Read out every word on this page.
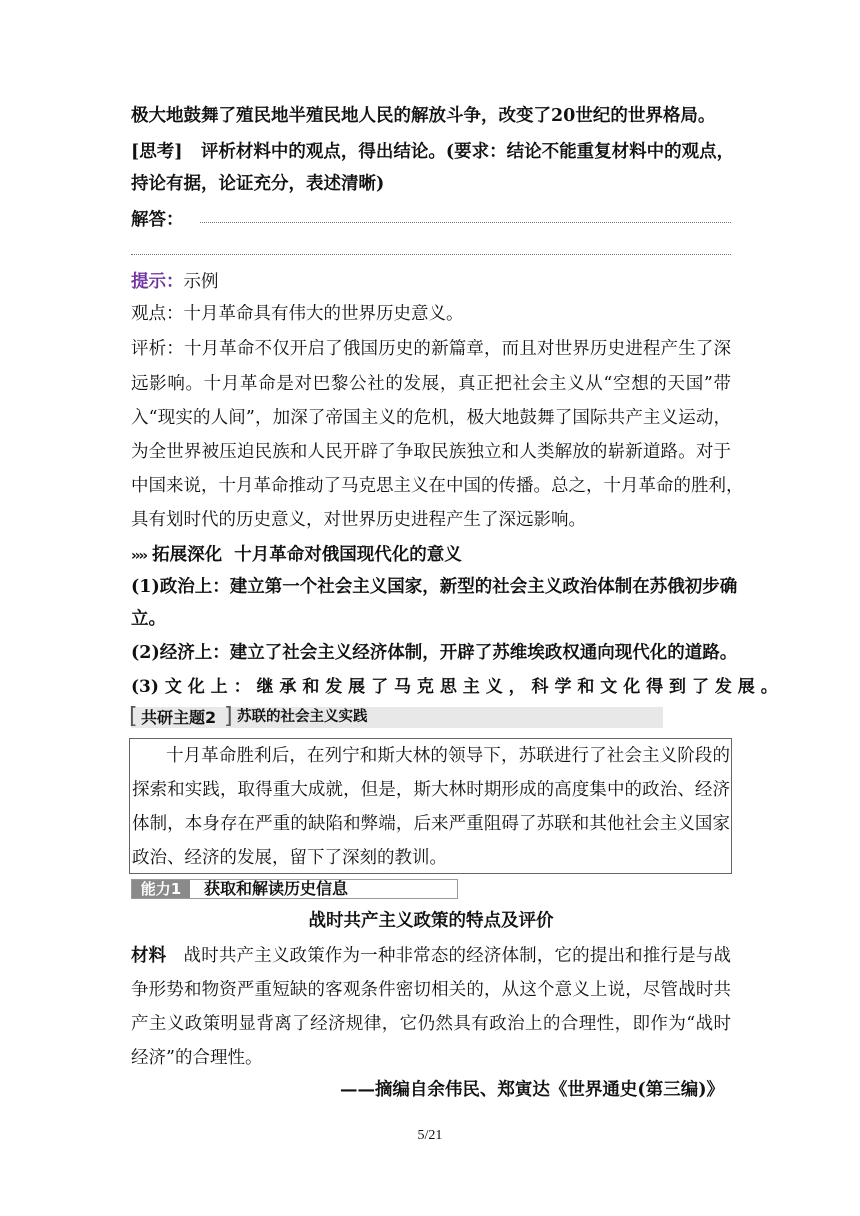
极大地鼓舞了殖民地半殖民地人民的解放斗争，改变了20世纪的世界格局。
[思考] 评析材料中的观点，得出结论。(要求：结论不能重复材料中的观点，
持论有据，论证充分，表述清晰)
解答：
提示：示例
观点：十月革命具有伟大的世界历史意义。
评析：十月革命不仅开启了俄国历史的新篇章，而且对世界历史进程产生了深
远影响。十月革命是对巴黎公社的发展，真正把社会主义从“空想的天国”带
入“现实的人间”，加深了帝国主义的危机，极大地鼓舞了国际共产主义运动，
为全世界被压迫民族和人民开辟了争取民族独立和人类解放的崭新道路。对于
中国来说，十月革命推动了马克思主义在中国的传播。总之，十月革命的胜利，
具有划时代的历史意义，对世界历史进程产生了深远影响。
›››› 拓展深化 十月革命对俄国现代化的意义
(1)政治上：建立第一个社会主义国家，新型的社会主义政治体制在苏俄初步确
立。
(2)经济上：建立了社会主义经济体制，开辟了苏维埃政权通向现代化的道路。
(3) 文 化 上 ： 继 承 和 发 展 了 马 克 思 主 义 ， 科 学 和 文 化 得 到 了 发 展 。
[ 共研主题2 ] 苏联的社会主义实践
十月革命胜利后，在列宁和斯大林的领导下，苏联进行了社会主义阶段的
探索和实践，取得重大成就，但是，斯大林时期形成的高度集中的政治、经济
体制，本身存在严重的缺陷和弊端，后来严重阻碍了苏联和其他社会主义国家
政治、经济的发展，留下了深刻的教训。
能力1	获取和解读历史信息
战时共产主义政策的特点及评价
材料 战时共产主义政策作为一种非常态的经济体制，它的提出和推行是与战
争形势和物资严重短缺的客观条件密切相关的，从这个意义上说，尽管战时共
产主义政策明显背离了经济规律，它仍然具有政治上的合理性，即作为“战时
经济”的合理性。
——摘编自余伟民、郑寅达《世界通史(第三编)》
5/21
